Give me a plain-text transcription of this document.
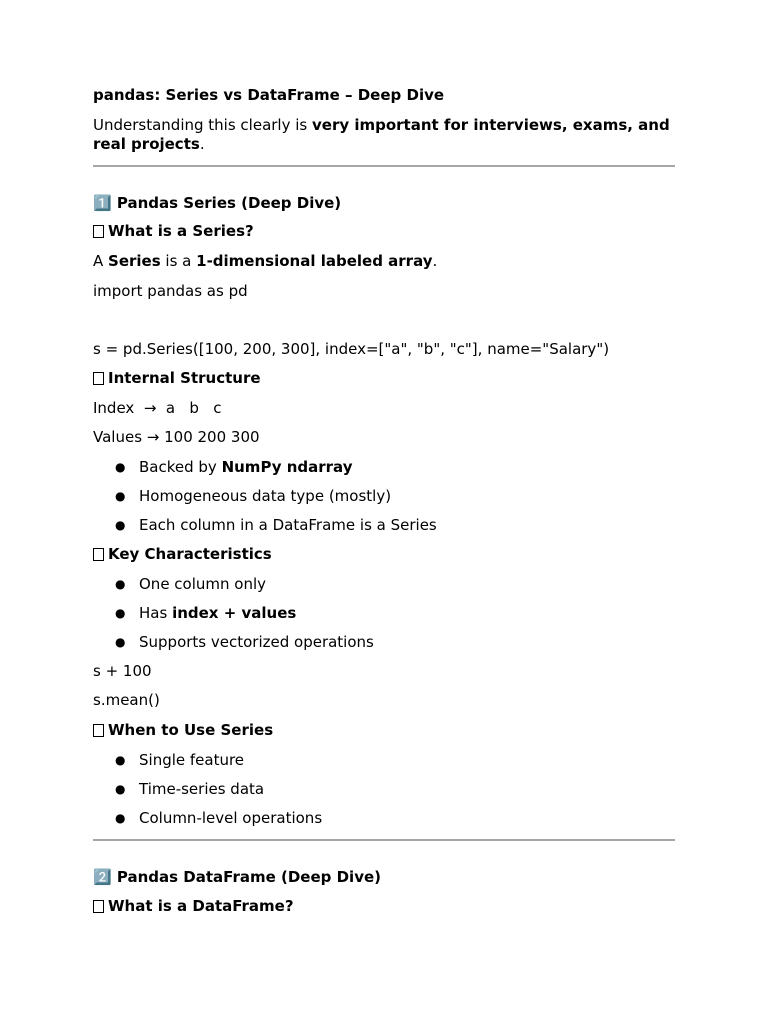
pandas: Series vs DataFrame – Deep Dive

Understanding this clearly is very important for interviews, exams, and real projects.

1️⃣ Pandas Series (Deep Dive)

What is a Series?

A Series is a 1-dimensional labeled array.

import pandas as pd

s = pd.Series([100, 200, 300], index=["a", "b", "c"], name="Salary")

Internal Structure

Index  →  a   b   c

Values → 100 200 300

● Backed by NumPy ndarray
● Homogeneous data type (mostly)
● Each column in a DataFrame is a Series

Key Characteristics

● One column only
● Has index + values
● Supports vectorized operations

s + 100

s.mean()

When to Use Series

● Single feature
● Time-series data
● Column-level operations

2️⃣ Pandas DataFrame (Deep Dive)

What is a DataFrame?
